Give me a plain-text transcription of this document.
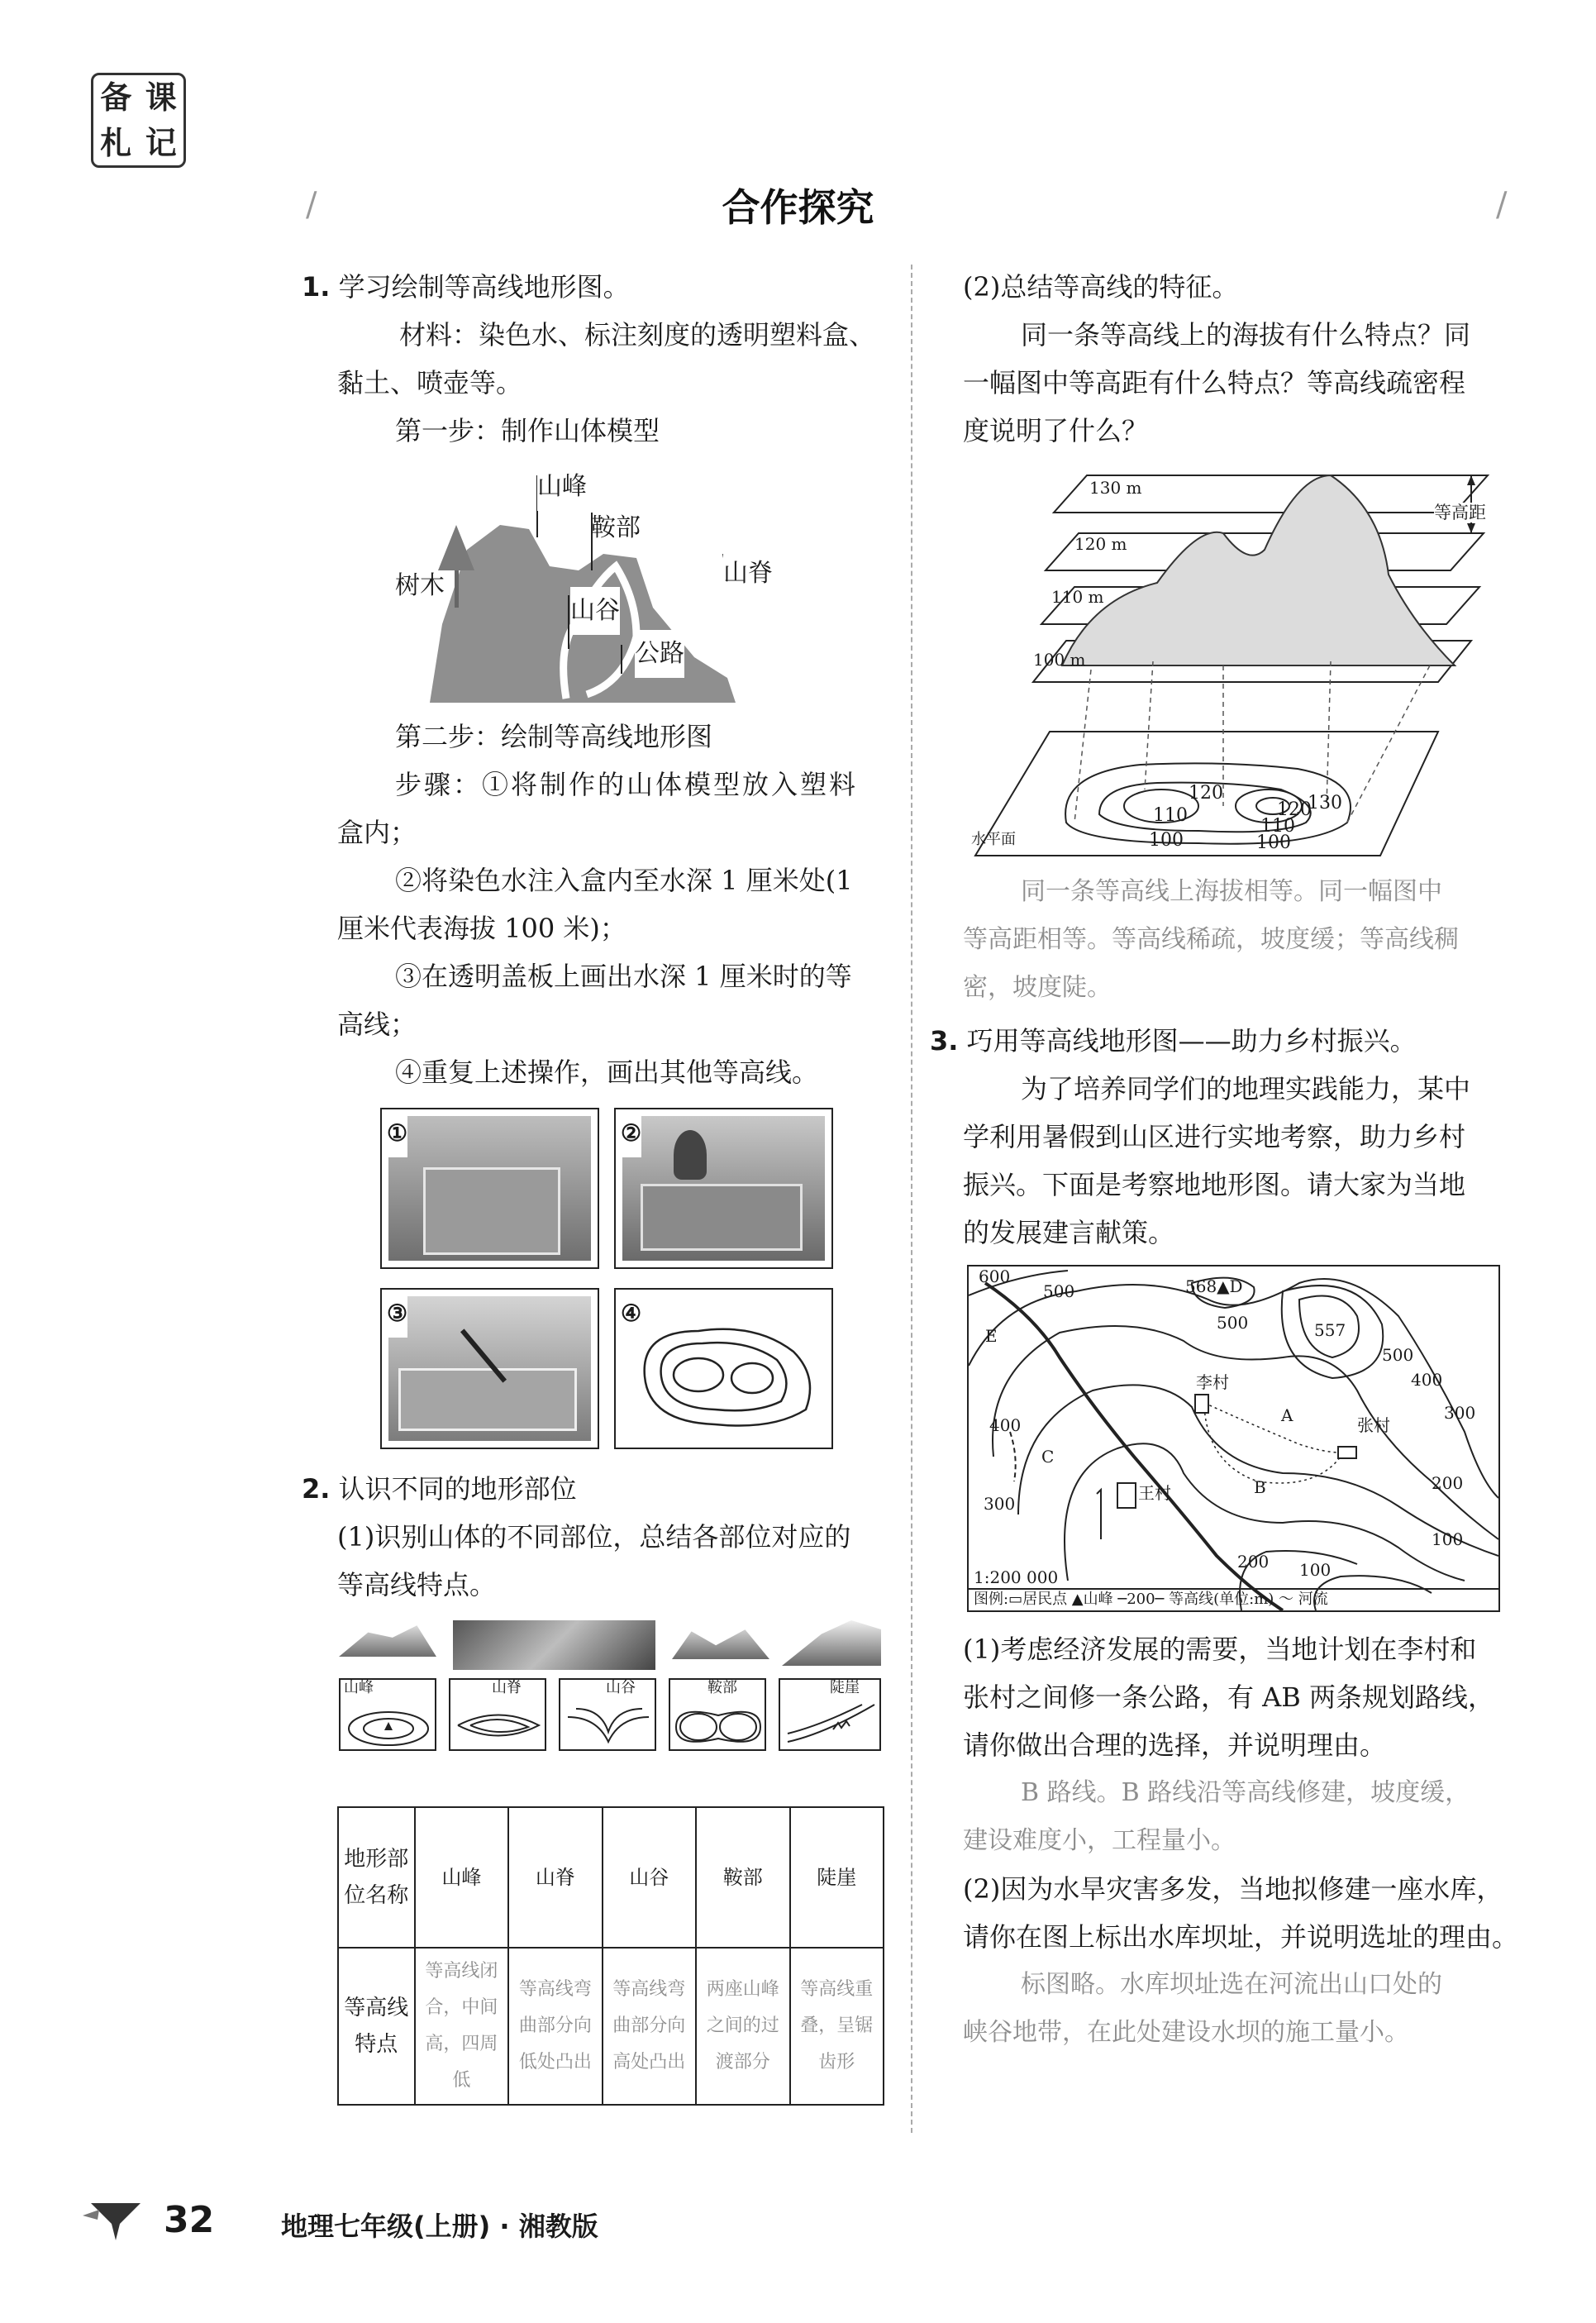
备 课
札 记
/	/
合作探究
1. 学习绘制等高线地形图。
材料：染色水、标注刻度的透明塑料盒、
黏土、喷壶等。
第一步：制作山体模型
山峰
鞍部
树木	山脊
山谷
公路
第二步：绘制等高线地形图
步骤：①将制作的山体模型放入塑料
盒内；
②将染色水注入盒内至水深 1 厘米处(1
厘米代表海拔 100 米)；
③在透明盖板上画出水深 1 厘米时的等
高线；
④重复上述操作，画出其他等高线。
①	②
③	④
2. 认识不同的地形部位
(1)识别山体的不同部位，总结各部位对应的
等高线特点。
山峰	山脊	山谷	鞍部	陡崖
地形部位名称	山峰	山脊	山谷	鞍部	陡崖
等高线特点	等高线闭合，中间高，四周低	等高线弯曲部分向低处凸出	等高线弯曲部分向高处凸出	两座山峰之间的过渡部分	等高线重叠，呈锯齿形
(2)总结等高线的特征。
同一条等高线上的海拔有什么特点？同
一幅图中等高距有什么特点？等高线疏密程
度说明了什么？
130 m
120 m
110 m
100 m
等高距
水平面
120	130
110	120
110
100	100
同一条等高线上海拔相等。同一幅图中
等高距相等。等高线稀疏，坡度缓；等高线稠
密，坡度陡。
3. 巧用等高线地形图——助力乡村振兴。
为了培养同学们的地理实践能力，某中
学利用暑假到山区进行实地考察，助力乡村
振兴。下面是考察地地形图。请大家为当地
的发展建言献策。
600
500	568▲D
500	557
500
400
300
E
李村
A	张村
400
C
200
B
300
王村
100
200 100
1:200 000
图例:▭居民点 ▲山峰 ─200─ 等高线(单位:m) 〜 河流
(1)考虑经济发展的需要，当地计划在李村和
张村之间修一条公路，有 AB 两条规划路线，
请你做出合理的选择，并说明理由。
B 路线。B 路线沿等高线修建，坡度缓，
建设难度小，工程量小。
(2)因为水旱灾害多发，当地拟修建一座水库，
请你在图上标出水库坝址，并说明选址的理由。
标图略。水库坝址选在河流出山口处的
峡谷地带，在此处建设水坝的施工量小。
32	地理七年级(上册) · 湘教版
